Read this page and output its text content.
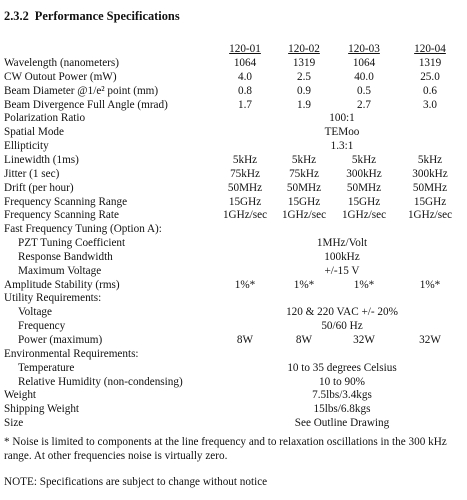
2.3.2 Performance Specifications
120-01	120-02	120-03	120-04
Wavelength (nanometers)	1064	1319	1064	1319
CW Outout Power (mW)	4.0	2.5	40.0	25.0
Beam Diameter @1/e² point (mm)	0.8	0.9	0.5	0.6
Beam Divergence Full Angle (mrad)	1.7	1.9	2.7	3.0
Polarization Ratio	100:1
Spatial Mode	TEMoo
Ellipticity	1.3:1
Linewidth (1ms)	5kHz	5kHz	5kHz	5kHz
Jitter (1 sec)	75kHz	75kHz	300kHz	300kHz
Drift (per hour)	50MHz	50MHz	50MHz	50MHz
Frequency Scanning Range	15GHz	15GHz	15GHz	15GHz
Frequency Scanning Rate	1GHz/sec	1GHz/sec	1GHz/sec	1GHz/sec
Fast Frequency Tuning (Option A):
PZT Tuning Coefficient	1MHz/Volt
Response Bandwidth	100kHz
Maximum Voltage	+/-15 V
Amplitude Stability (rms)	1%*	1%*	1%*	1%*
Utility Requirements:
Voltage	120 & 220 VAC +/- 20%
Frequency	50/60 Hz
Power (maximum)	8W	8W	32W	32W
Environmental Requirements:
Temperature	10 to 35 degrees Celsius
Relative Humidity (non-condensing)	10 to 90%
Weight	7.5lbs/3.4kgs
Shipping Weight	15lbs/6.8kgs
Size	See Outline Drawing
* Noise is limited to components at the line frequency and to relaxation oscillations in the 300 kHz range. At other frequencies noise is virtually zero.
NOTE: Specifications are subject to change without notice
